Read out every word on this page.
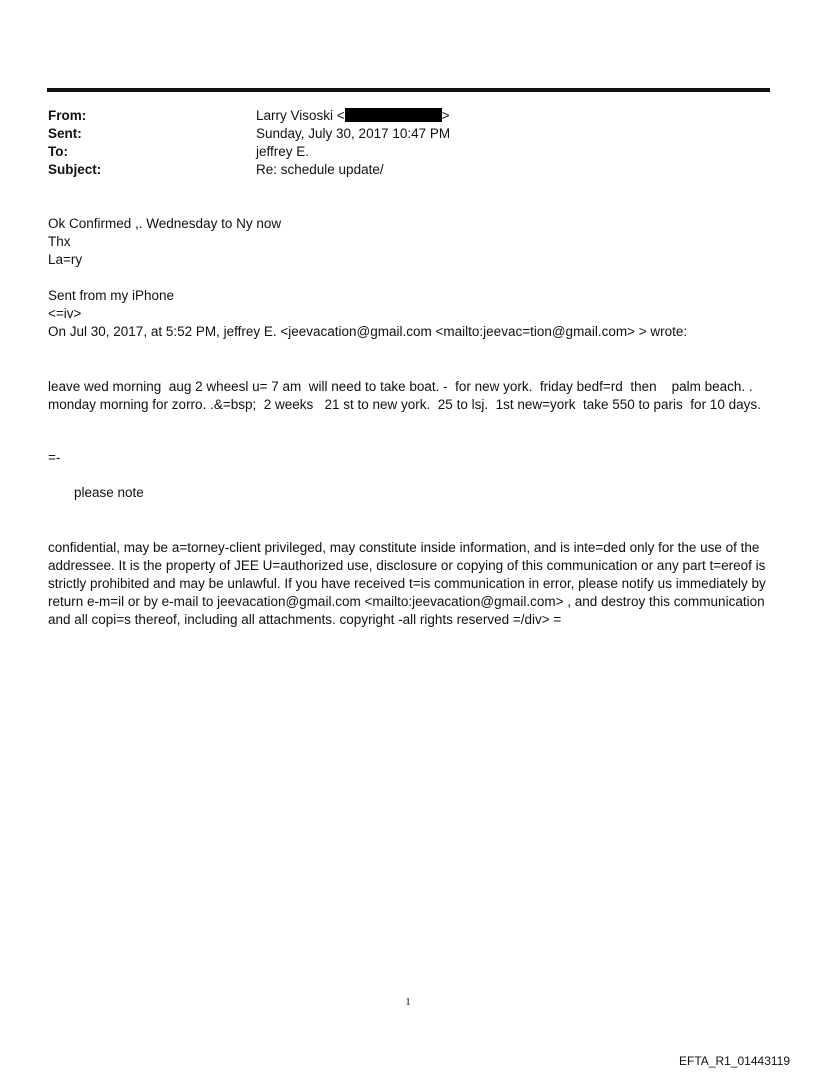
From:	Larry Visoski <	>
Sent:	Sunday, July 30, 2017 10:47 PM
To:	jeffrey E.
Subject:	Re: schedule update/
Ok Confirmed ,. Wednesday to Ny now
Thx
La=ry
Sent from my iPhone
<=iv>
On Jul 30, 2017, at 5:52 PM, jeffrey E. <jeevacation@gmail.com <mailto:jeevac=tion@gmail.com> > wrote:
leave wed morning  aug 2 wheesl u= 7 am  will need to take boat. -  for new york.  friday bedf=rd  then    palm beach. . monday morning for zorro. .&=bsp;  2 weeks   21 st to new york.  25 to lsj.  1st new=york  take 550 to paris  for 10 days.
=-
please note
confidential, may be a=torney-client privileged, may constitute inside information, and is inte=ded only for the use of the addressee. It is the property of JEE U=authorized use, disclosure or copying of this communication or any part t=ereof is strictly prohibited and may be unlawful. If you have received t=is communication in error, please notify us immediately by return e-m=il or by e-mail to jeevacation@gmail.com <mailto:jeevacation@gmail.com> , and destroy this communication and all copi=s thereof, including all attachments. copyright -all rights reserved =/div> =
1
EFTA_R1_01443119
